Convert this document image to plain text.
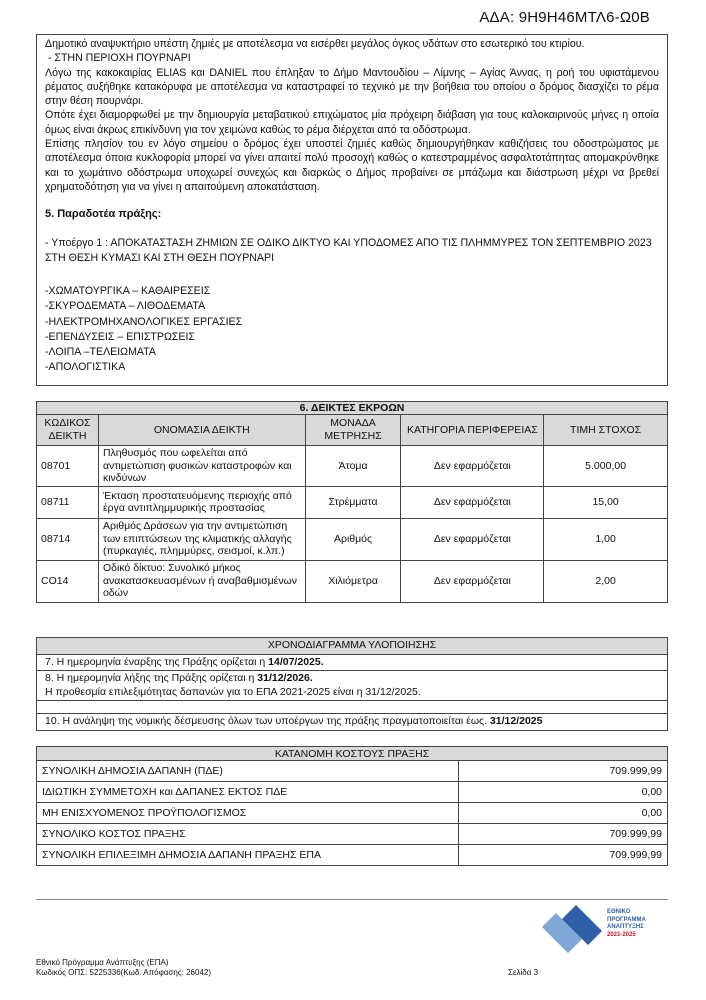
ΑΔΑ: 9Η9Η46ΜΤΛ6-Ω0Β

Δημοτικό αναψυκτήριο υπέστη ζημιές με αποτέλεσμα να εισέρθει μεγάλος όγκος υδάτων στο εσωτερικό του κτιρίου.

- ΣΤΗΝ ΠΕΡΙΟΧΗ ΠΟΥΡΝΑΡΙ

Λόγω της κακοκαιρίας ELIAS και DANIEL που έπληξαν το Δήμο Μαντουδίου – Λίμνης – Αγίας Άννας, η ροή του υφιστάμενου ρέματος αυξήθηκε κατακόρυφα με αποτέλεσμα να καταστραφεί το τεχνικό με την βοήθεια του οποίου ο δρόμος διασχίζει το ρέμα στην θέση πουρνάρι.

Οπότε έχει διαμορφωθεί με την δημιουργία μεταβατικού επιχώματος μία πρόχειρη διάβαση για τους καλοκαιρινούς μήνες η οποία όμως είναι άκρως επικίνδυνη για τον χειμώνα καθώς το ρέμα διέρχεται από τα οδόστρωμα.

Επίσης πλησίον του εν λόγο σημείου ο δρόμος έχει υποστεί ζημιές καθώς δημιουργήθηκαν καθιζήσεις του οδοστρώματος με αποτέλεσμα όποια κυκλοφορία μπορεί να γίνει απαιτεί πολύ προσοχή καθώς ο κατεστραμμένος ασφαλτοτάπητας απομακρύνθηκε και το χωμάτινο οδόστρωμα υποχωρεί συνεχώς και διαρκώς ο Δήμος προβαίνει σε μπάζωμα και διάστρωση μέχρι να βρεθεί χρηματοδότηση για να γίνει η απαιτούμενη αποκατάσταση.

5. Παραδοτέα πράξης:
- Υποέργο 1 : ΑΠΟΚΑΤΑΣΤΑΣΗ ΖΗΜΙΩΝ ΣΕ ΟΔΙΚΟ ΔΙΚΤΥΟ ΚΑΙ ΥΠΟΔΟΜΕΣ ΑΠΟ ΤΙΣ ΠΛΗΜΜΥΡΕΣ ΤΟΝ ΣΕΠΤΕΜΒΡΙΟ 2023 ΣΤΗ ΘΕΣΗ ΚΥΜΑΣΙ ΚΑΙ ΣΤΗ ΘΕΣΗ ΠΟΥΡΝΑΡΙ
-ΧΩΜΑΤΟΥΡΓΙΚΑ – ΚΑΘΑΙΡΕΣΕΙΣ
-ΣΚΥΡΟΔΕΜΑΤΑ – ΛΙΘΟΔΕΜΑΤΑ
-ΗΛΕΚΤΡΟΜΗΧΑΝΟΛΟΓΙΚΕΣ ΕΡΓΑΣΙΕΣ
-ΕΠΕΝΔΥΣΕΙΣ – ΕΠΙΣΤΡΩΣΕΙΣ
-ΛΟΙΠΑ –ΤΕΛΕΙΩΜΑΤΑ
-ΑΠΟΛΟΓΙΣΤΙΚΑ
6. ΔΕΙΚΤΕΣ ΕΚΡΟΩΝ				
ΚΩΔΙΚΟΣ ΔΕΙΚΤΗ	ΟΝΟΜΑΣΙΑ ΔΕΙΚΤΗ	ΜΟΝΑΔΑ ΜΕΤΡΗΣΗΣ	ΚΑΤΗΓΟΡΙΑ ΠΕΡΙΦΕΡΕΙΑΣ	ΤΙΜΗ ΣΤΟΧΟΣ
08701	Πληθυσμός που ωφελείται από αντιμετώπιση φυσικών καταστροφών και κινδύνων	Άτομα	Δεν εφαρμόζεται	5.000,00
08711	Έκταση προστατευόμενης περιοχής από έργα αντιπλημμυρικής προστασίας	Στρέμματα	Δεν εφαρμόζεται	15,00
08714	Αριθμός Δράσεων για την αντιμετώπιση των επιπτώσεων της κλιματικής αλλαγής (πυρκαγιές, πλημμύρες, σεισμοί, κ.λπ.)	Αριθμός	Δεν εφαρμόζεται	1,00
CO14	Οδικό δίκτυο: Συνολικό μήκος ανακατασκευασμένων ή αναβαθμισμένων οδών	Χιλιόμετρα	Δεν εφαρμόζεται	2,00
ΧΡΟΝΟΔΙΑΓΡΑΜΜΑ ΥΛΟΠΟΙΗΣΗΣ
7. Η ημερομηνία έναρξης της Πράξης ορίζεται η 14/07/2025.
8. Η ημερομηνία λήξης της Πράξης ορίζεται η 31/12/2026.
Η προθεσμία επιλεξιμότητας δαπανών για το ΕΠΑ 2021-2025 είναι η 31/12/2025.

10. Η ανάληψη της νομικής δέσμευσης όλων των υποέργων της πράξης πραγματοποιείται έως. 31/12/2025
ΚΑΤΑΝΟΜΗ ΚΟΣΤΟΥΣ ΠΡΑΞΗΣ	
ΣΥΝΟΛΙΚΗ ΔΗΜΟΣΙΑ ΔΑΠΑΝΗ (ΠΔΕ)	709.999,99
ΙΔΙΩΤΙΚΗ ΣΥΜΜΕΤΟΧΗ και ΔΑΠΑΝΕΣ ΕΚΤΟΣ ΠΔΕ	0,00
ΜΗ ΕΝΙΣΧΥΟΜΕΝΟΣ ΠΡΟΫΠΟΛΟΓΙΣΜΟΣ	0,00
ΣΥΝΟΛΙΚΟ ΚΟΣΤΟΣ ΠΡΑΞΗΣ	709.999,99
ΣΥΝΟΛΙΚΗ ΕΠΙΛΕΞΙΜΗ ΔΗΜΟΣΙΑ ΔΑΠΑΝΗ ΠΡΑΞΗΣ ΕΠΑ	709.999,99
ΕΘΝΙΚΟ
ΠΡΟΓΡΑΜΜΑ
ΑΝΑΠΤΥΞΗΣ
2021-2025
Εθνικό Πρόγραμμα Ανάπτυξης (ΕΠΑ)
Κωδικός ΟΠΣ: 5225336(Κωδ. Απόφασης: 26042)	Σελίδα 3
